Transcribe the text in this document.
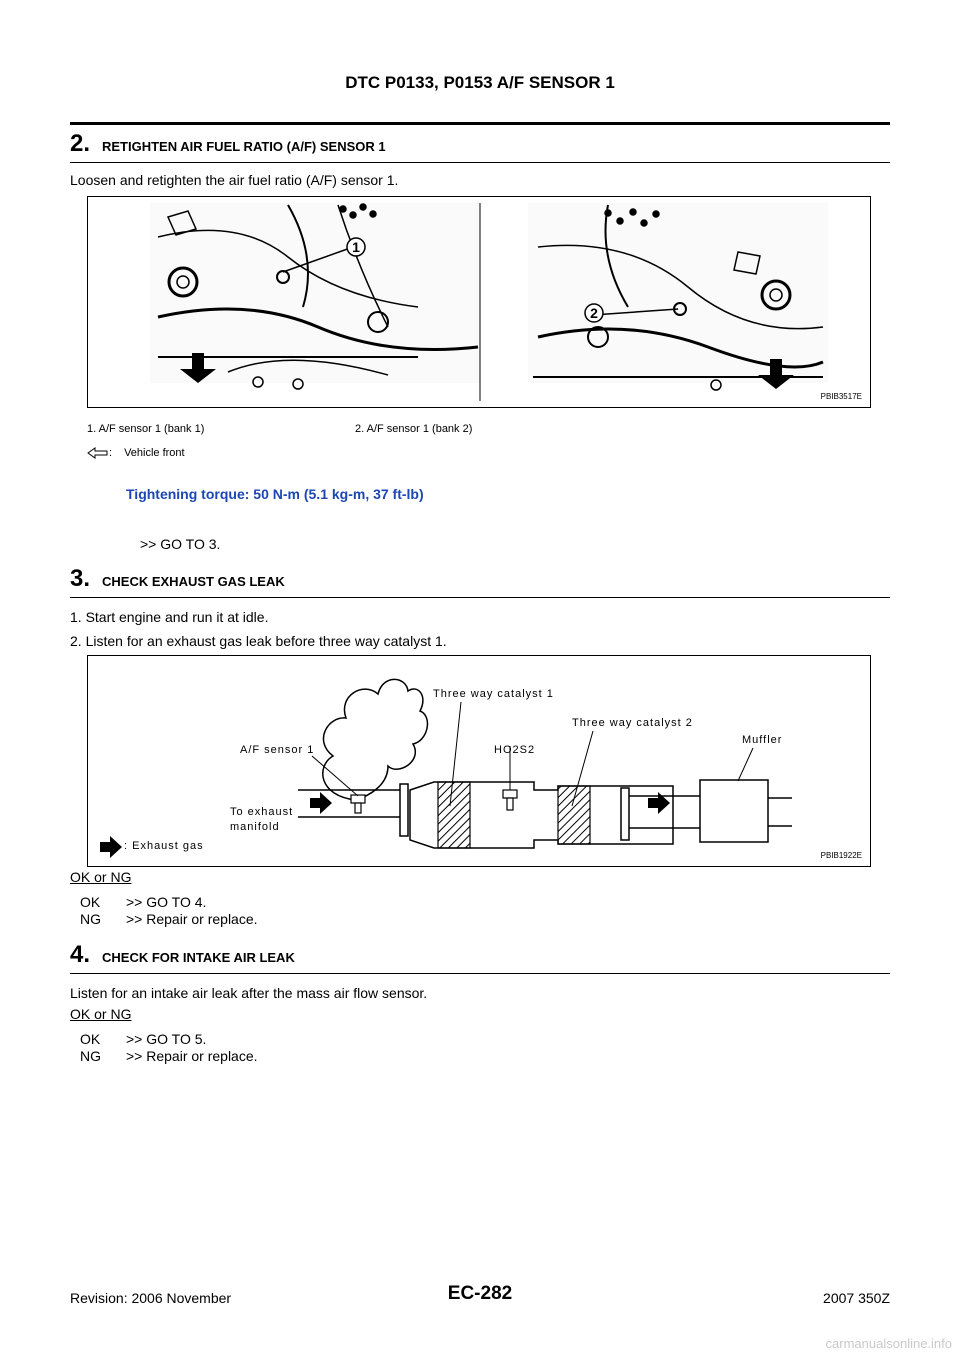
DTC P0133, P0153 A/F SENSOR 1
2. RETIGHTEN AIR FUEL RATIO (A/F) SENSOR 1
Loosen and retighten the air fuel ratio (A/F) sensor 1.
1
2
PBIB3517E
1. A/F sensor 1 (bank 1)	2. A/F sensor 1 (bank 2)
: Vehicle front
Tightening torque: 50 N-m (5.1 kg-m, 37 ft-lb)
>> GO TO 3.
3. CHECK EXHAUST GAS LEAK
1. Start engine and run it at idle.
2. Listen for an exhaust gas leak before three way catalyst 1.
Three way catalyst 1
Three way catalyst 2
A/F sensor 1	HO2S2
Muffler
To exhaust
manifold
: Exhaust gas
PBIB1922E
OK or NG
OK >> GO TO 4.
NG >> Repair or replace.
4. CHECK FOR INTAKE AIR LEAK
Listen for an intake air leak after the mass air flow sensor.
OK or NG
OK >> GO TO 5.
NG >> Repair or replace.
Revision: 2006 November	EC-282	2007 350Z
carmanualsonline.info
